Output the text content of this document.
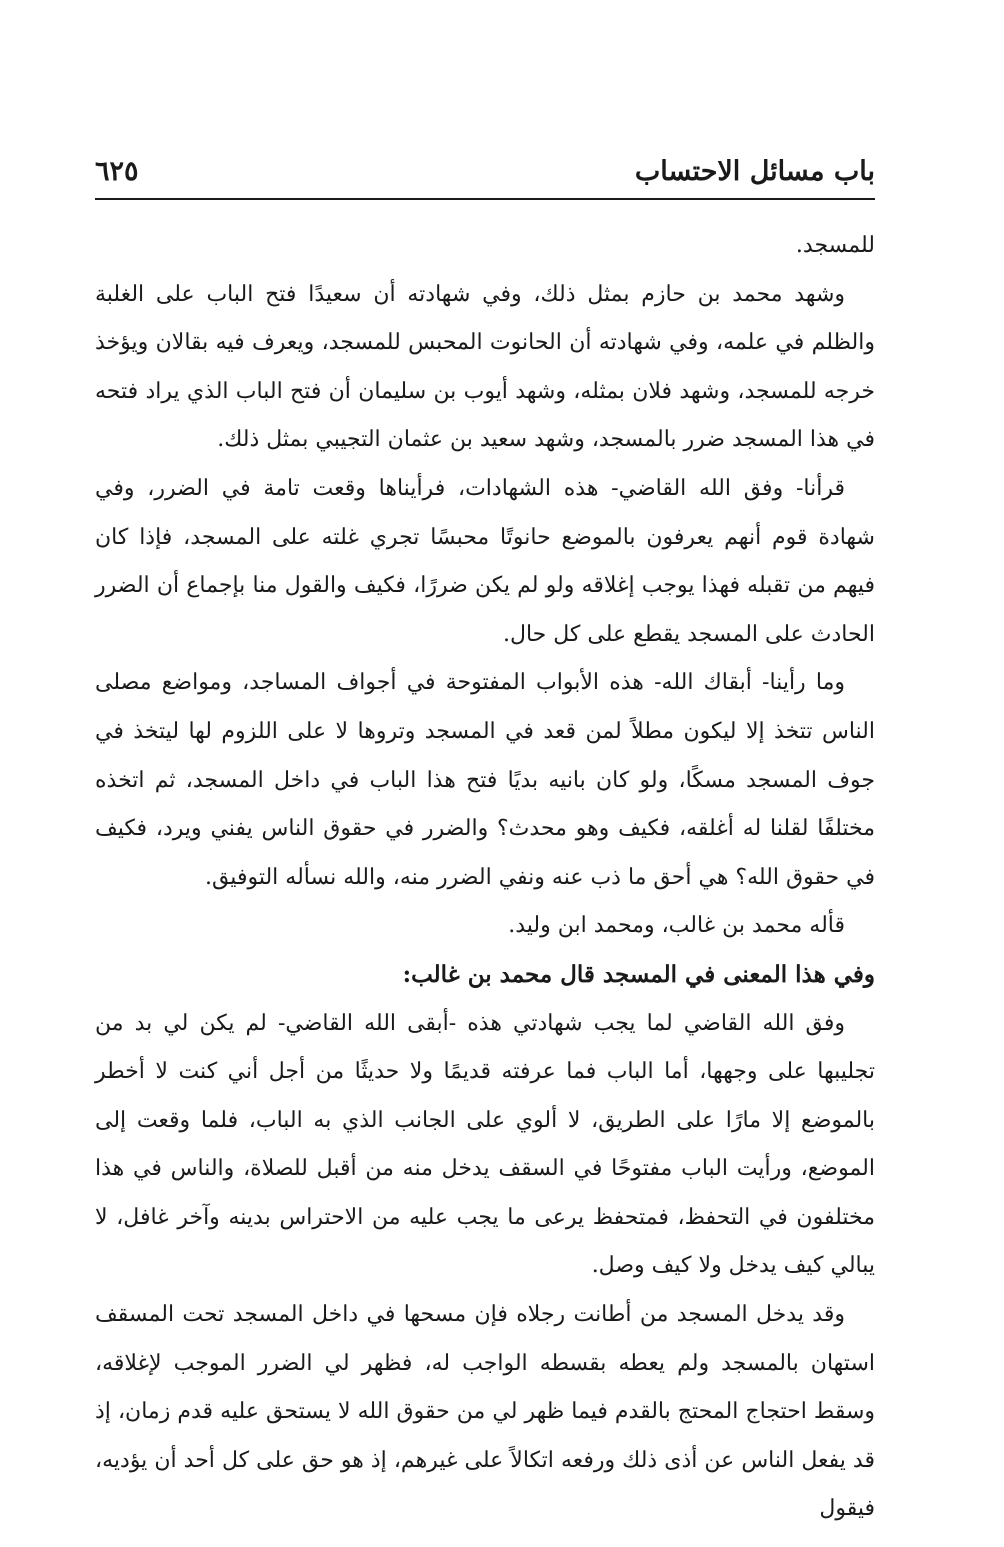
باب مسائل الاحتساب
٦٢٥

للمسجد.

وشهد محمد بن حازم بمثل ذلك، وفي شهادته أن سعيدًا فتح الباب على الغلبة والظلم في علمه، وفي شهادته أن الحانوت المحبس للمسجد، ويعرف فيه بقالان ويؤخذ خرجه للمسجد، وشهد فلان بمثله، وشهد أيوب بن سليمان أن فتح الباب الذي يراد فتحه في هذا المسجد ضرر بالمسجد، وشهد سعيد بن عثمان التجيبي بمثل ذلك.

قرأنا- وفق الله القاضي- هذه الشهادات، فرأيناها وقعت تامة في الضرر، وفي شهادة قوم أنهم يعرفون بالموضع حانوتًا محبسًا تجري غلته على المسجد، فإذا كان فيهم من تقبله فهذا يوجب إغلاقه ولو لم يكن ضررًا، فكيف والقول منا بإجماع أن الضرر الحادث على المسجد يقطع على كل حال.

وما رأينا- أبقاك الله- هذه الأبواب المفتوحة في أجواف المساجد، ومواضع مصلى الناس تتخذ إلا ليكون مطلاً لمن قعد في المسجد وتروها لا على اللزوم لها ليتخذ في جوف المسجد مسكًا، ولو كان بانيه بديًا فتح هذا الباب في داخل المسجد، ثم اتخذه مختلفًا لقلنا له أغلقه، فكيف وهو محدث؟ والضرر في حقوق الناس يفني ويرد، فكيف في حقوق الله؟ هي أحق ما ذب عنه ونفي الضرر منه، والله نسأله التوفيق.

قأله محمد بن غالب، ومحمد ابن وليد.

وفي هذا المعنى في المسجد قال محمد بن غالب:

وفق الله القاضي لما يجب شهادتي هذه -أبقى الله القاضي- لم يكن لي بد من تجليبها على وجهها، أما الباب فما عرفته قديمًا ولا حديثًا من أجل أني كنت لا أخطر بالموضع إلا مارًا على الطريق، لا ألوي على الجانب الذي به الباب، فلما وقعت إلى الموضع، ورأيت الباب مفتوحًا في السقف يدخل منه من أقبل للصلاة، والناس في هذا مختلفون في التحفظ، فمتحفظ يرعى ما يجب عليه من الاحتراس بدينه وآخر غافل، لا يبالي كيف يدخل ولا كيف وصل.

وقد يدخل المسجد من أطانت رجلاه فإن مسحها في داخل المسجد تحت المسقف استهان بالمسجد ولم يعطه بقسطه الواجب له، فظهر لي الضرر الموجب لإغلاقه، وسقط احتجاج المحتج بالقدم فيما ظهر لي من حقوق الله لا يستحق عليه قدم زمان، إذ قد يفعل الناس عن أذى ذلك ورفعه اتكالاً على غيرهم، إذ هو حق على كل أحد أن يؤديه، فيقول
